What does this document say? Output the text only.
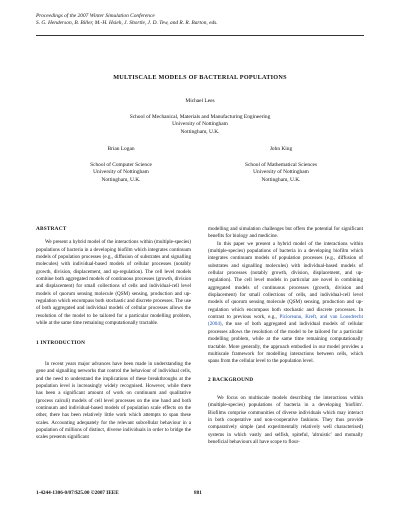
Proceedings of the 2007 Winter Simulation Conference
S. G. Henderson, B. Biller, M.-H. Hsieh, J. Shortle, J. D. Tew, and R. R. Barton, eds.
MULTISCALE MODELS OF BACTERIAL POPULATIONS
Michael Lees
School of Mechanical, Materials and Manufacturing Engineering
University of Nottingham
Nottingham, U.K.
Brian Logan
School of Computer Science
University of Nottingham
Nottingham, U.K.
John King
School of Mathematical Sciences
University of Nottingham
Nottingham, U.K.
ABSTRACT

We present a hybrid model of the interactions within (multiple-species) populations of bacteria in a developing biofilm which integrates continuum models of population processes (e.g., diffusion of substrates and signalling molecules) with individual-based models of cellular processes (notably growth, division, displacement, and up-regulation). The cell level models combine both aggregated models of continuous processes (growth, division and displacement) for small collections of cells and individual-cell level models of quorum sensing molecule (QSM) sensing, production and up-regulation which encompass both stochastic and discrete processes. The use of both aggregated and individual models of cellular processes allows the resolution of the model to be tailored for a particular modelling problem, while at the same time remaining computationally tractable.

1 INTRODUCTION

In recent years major advances have been made in understanding the gene and signalling networks that control the behaviour of individual cells, and the need to understand the implications of these breakthroughs at the population level is increasingly widely recognised. However, while there has been a significant amount of work on continuum and qualitative (process calculi) models of cell level processes on the one hand and both continuum and individual-based models of population scale effects on the other, there has been relatively little work which attempts to span these scales. Accounting adequately for the relevant subcellular behaviour in a population of millions of distinct, diverse individuals in order to bridge the scales presents significant

modelling and simulation challenges but offers the potential for significant benefits for biology and medicine.

In this paper we present a hybrid model of the interactions within (multiple-species) populations of bacteria in a developing biofilm which integrates continuum models of population processes (e.g., diffusion of substrates and signalling molecules) with individual-based models of cellular processes (notably growth, division, displacement, and up-regulation). The cell level models in particular are novel in combining aggregated models of continuous processes (growth, division and displacement) for small collections of cells, and individual-cell level models of quorum sensing molecule (QSM) sensing, production and up-regulation which encompass both stochastic and discrete processes. In contrast to previous work, e.g., Picioreanu, Kreft, and van Loosdrecht (2004), the use of both aggregated and individual models of cellular processes allows the resolution of the model to be tailored for a particular modelling problem, while at the same time remaining computationally tractable. More generally, the approach embodied in our model provides a multiscale framework for modelling interactions between cells, which spans from the cellular level to the population level.

2 BACKGROUND

We focus on multiscale models describing the interactions within (multiple-species) populations of bacteria in a developing 'biofilm'. Biofilms comprise communities of diverse individuals which may interact in both cooperative and non-cooperative fashions. They thus provide comparatively simple (and experimentally relatively well characterised) systems in which vastly and selfish, spiteful, 'altruistic' and mutually beneficial behaviours all have scope to flour-

1-4244-1306-0/07/$25.00 ©2007 IEEE	881
